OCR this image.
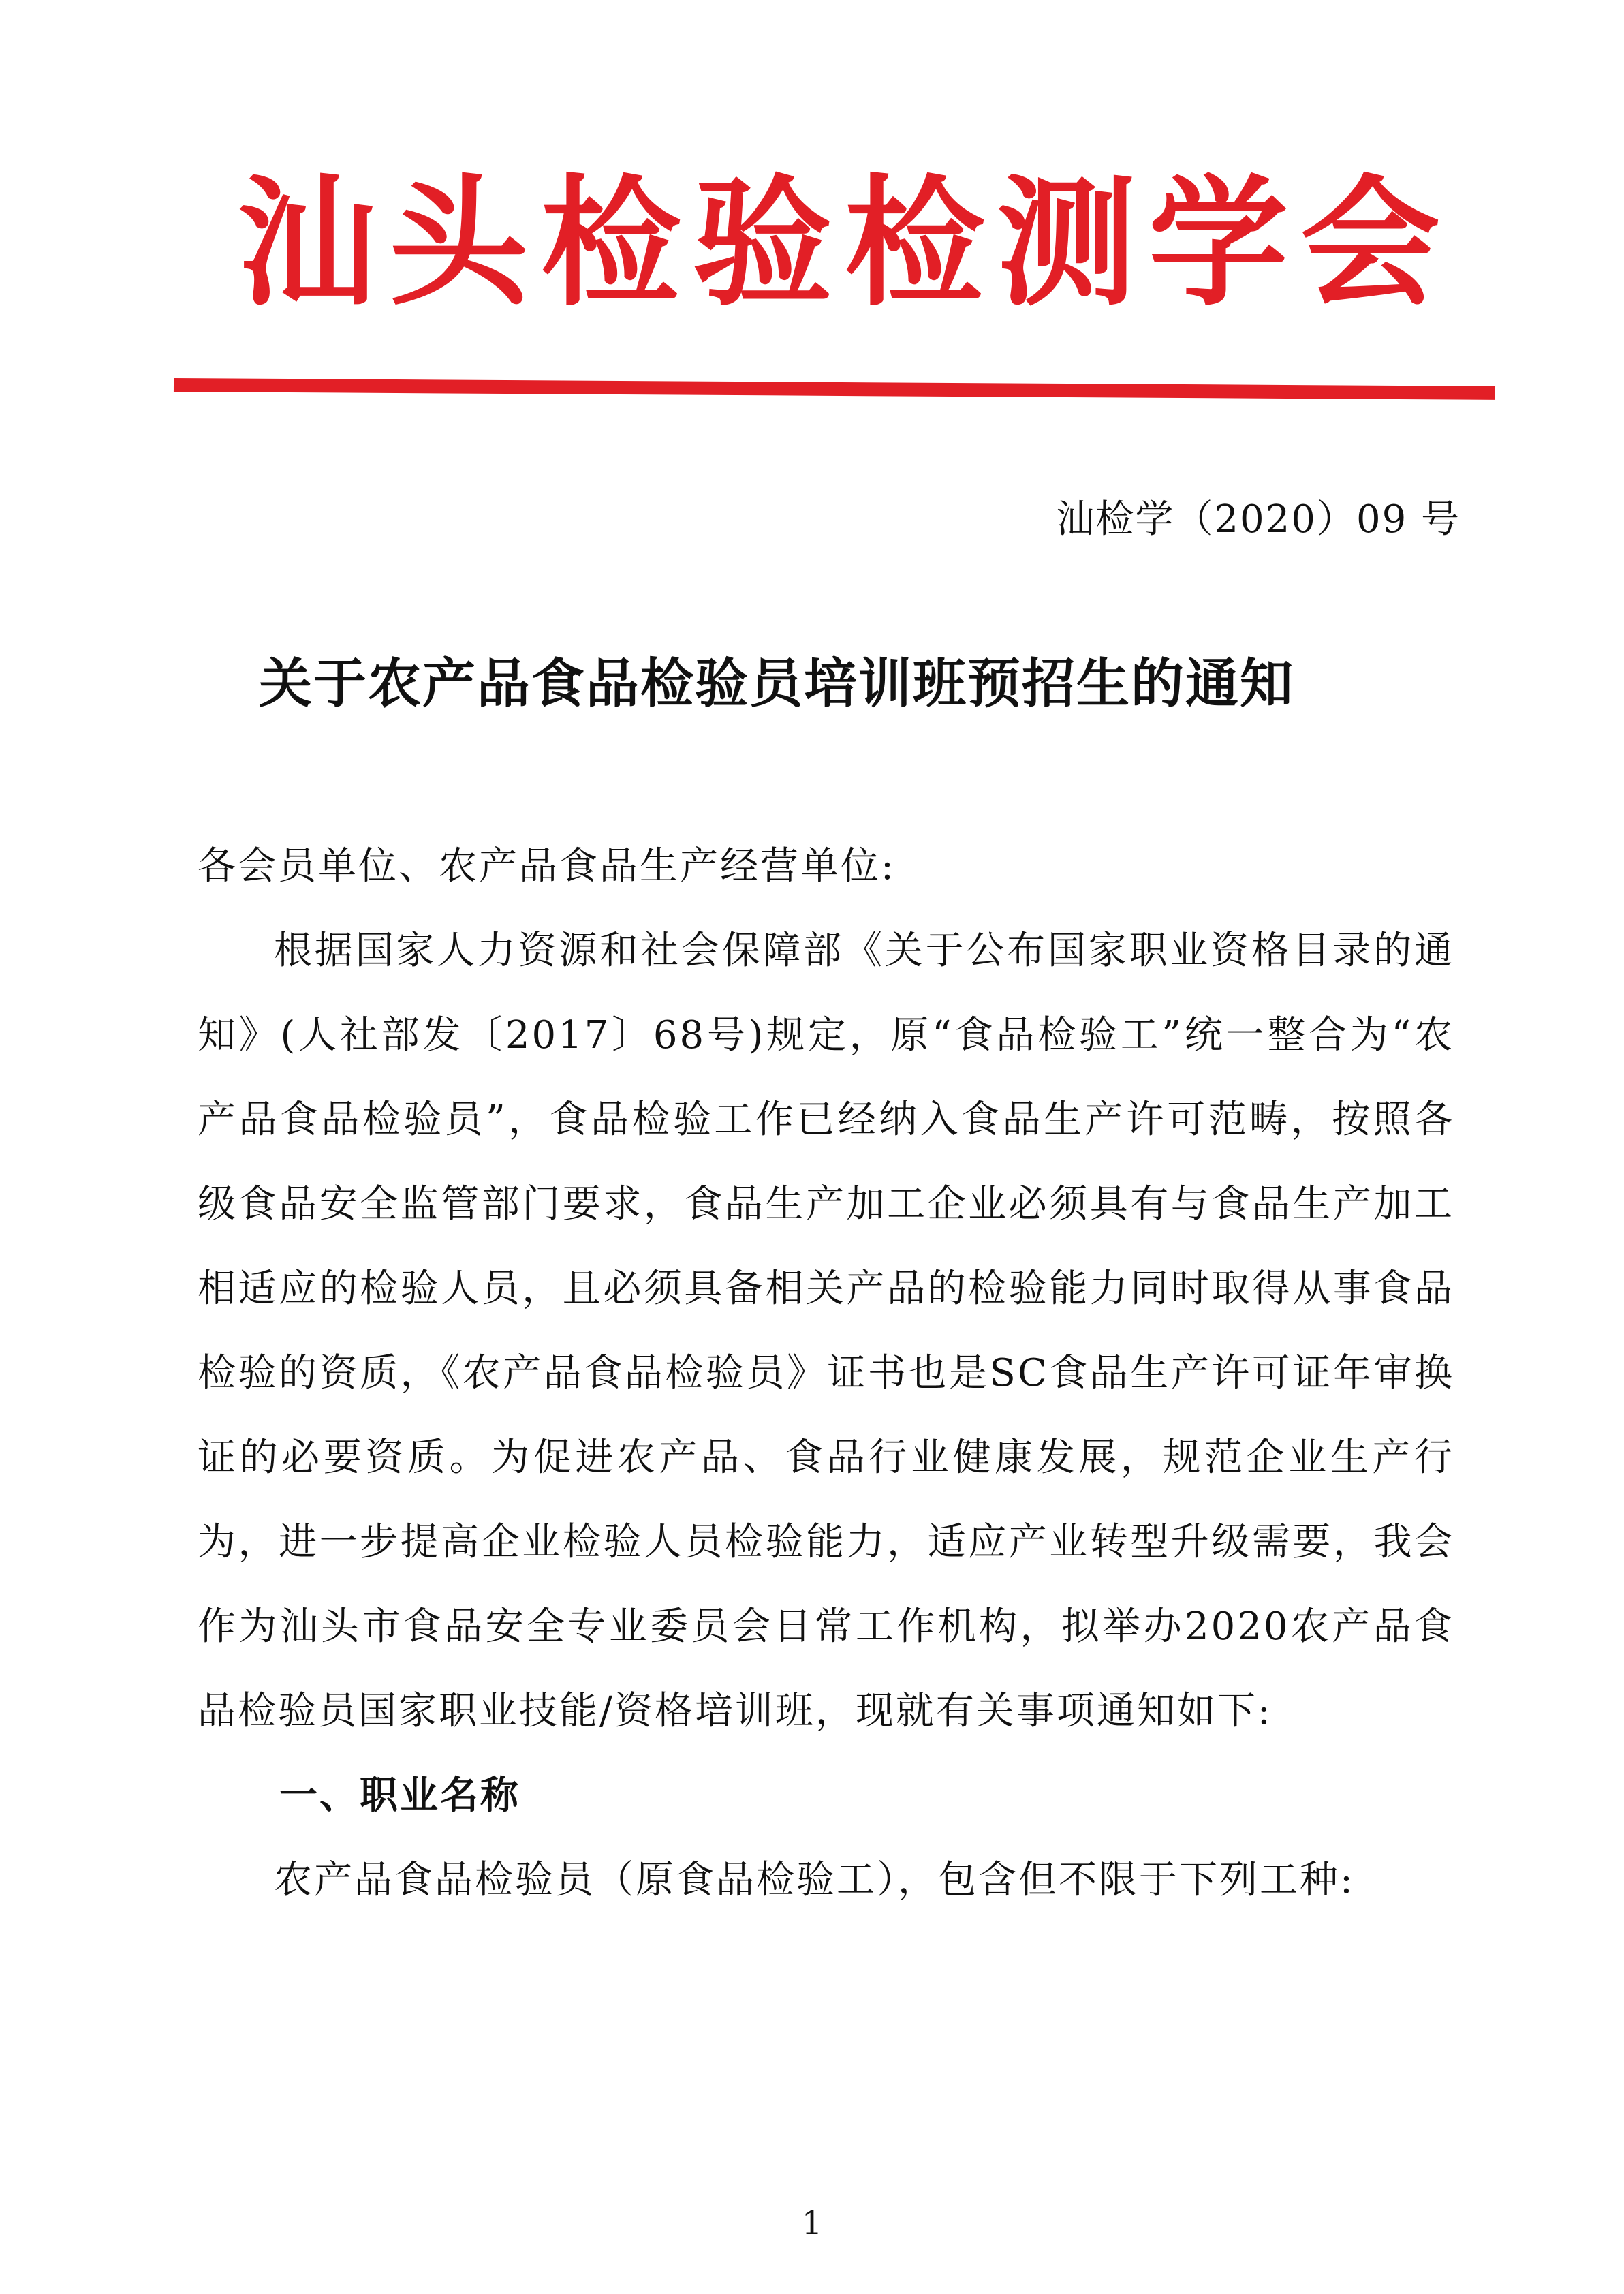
汕头检验检测学会
汕检学（2020）09 号
关于农产品食品检验员培训班预招生的通知

各会员单位、农产品食品生产经营单位:

根据国家人力资源和社会保障部《关于公布国家职业资格目录的通知》(人社部发〔2017〕68号)规定，原“食品检验工”统一整合为“农产品食品检验员”，食品检验工作已经纳入食品生产许可范畴，按照各级食品安全监管部门要求，食品生产加工企业必须具有与食品生产加工相适应的检验人员，且必须具备相关产品的检验能力同时取得从事食品检验的资质，《农产品食品检验员》证书也是SC食品生产许可证年审换证的必要资质。为促进农产品、食品行业健康发展，规范企业生产行为，进一步提高企业检验人员检验能力，适应产业转型升级需要，我会作为汕头市食品安全专业委员会日常工作机构，拟举办2020农产品食品检验员国家职业技能/资格培训班，现就有关事项通知如下:

一、职业名称

农产品食品检验员（原食品检验工），包含但不限于下列工种:

1
